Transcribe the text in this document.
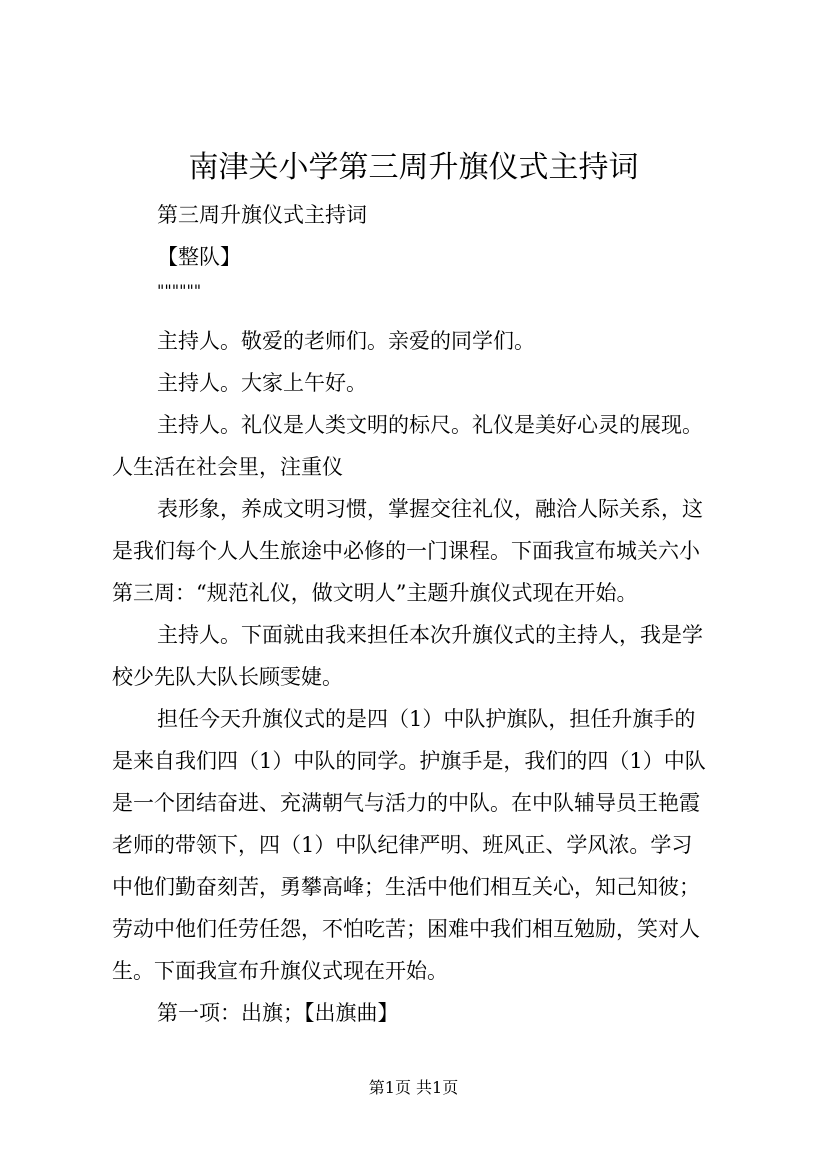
南津关小学第三周升旗仪式主持词

第三周升旗仪式主持词

【整队】

""""""

主持人。敬爱的老师们。亲爱的同学们。

主持人。大家上午好。

主持人。礼仪是人类文明的标尺。礼仪是美好心灵的展现。
人生活在社会里，注重仪

表形象，养成文明习惯，掌握交往礼仪，融洽人际关系，这
是我们每个人人生旅途中必修的一门课程。下面我宣布城关六小
第三周：“规范礼仪，做文明人”主题升旗仪式现在开始。

主持人。下面就由我来担任本次升旗仪式的主持人，我是学
校少先队大队长顾雯婕。

担任今天升旗仪式的是四（1）中队护旗队，担任升旗手的
是来自我们四（1）中队的同学。护旗手是，我们的四（1）中队
是一个团结奋进、充满朝气与活力的中队。在中队辅导员王艳霞
老师的带领下，四（1）中队纪律严明、班风正、学风浓。学习
中他们勤奋刻苦，勇攀高峰；生活中他们相互关心，知己知彼；
劳动中他们任劳任怨，不怕吃苦；困难中我们相互勉励，笑对人
生。下面我宣布升旗仪式现在开始。

第一项：出旗；【出旗曲】

第1页 共1页
